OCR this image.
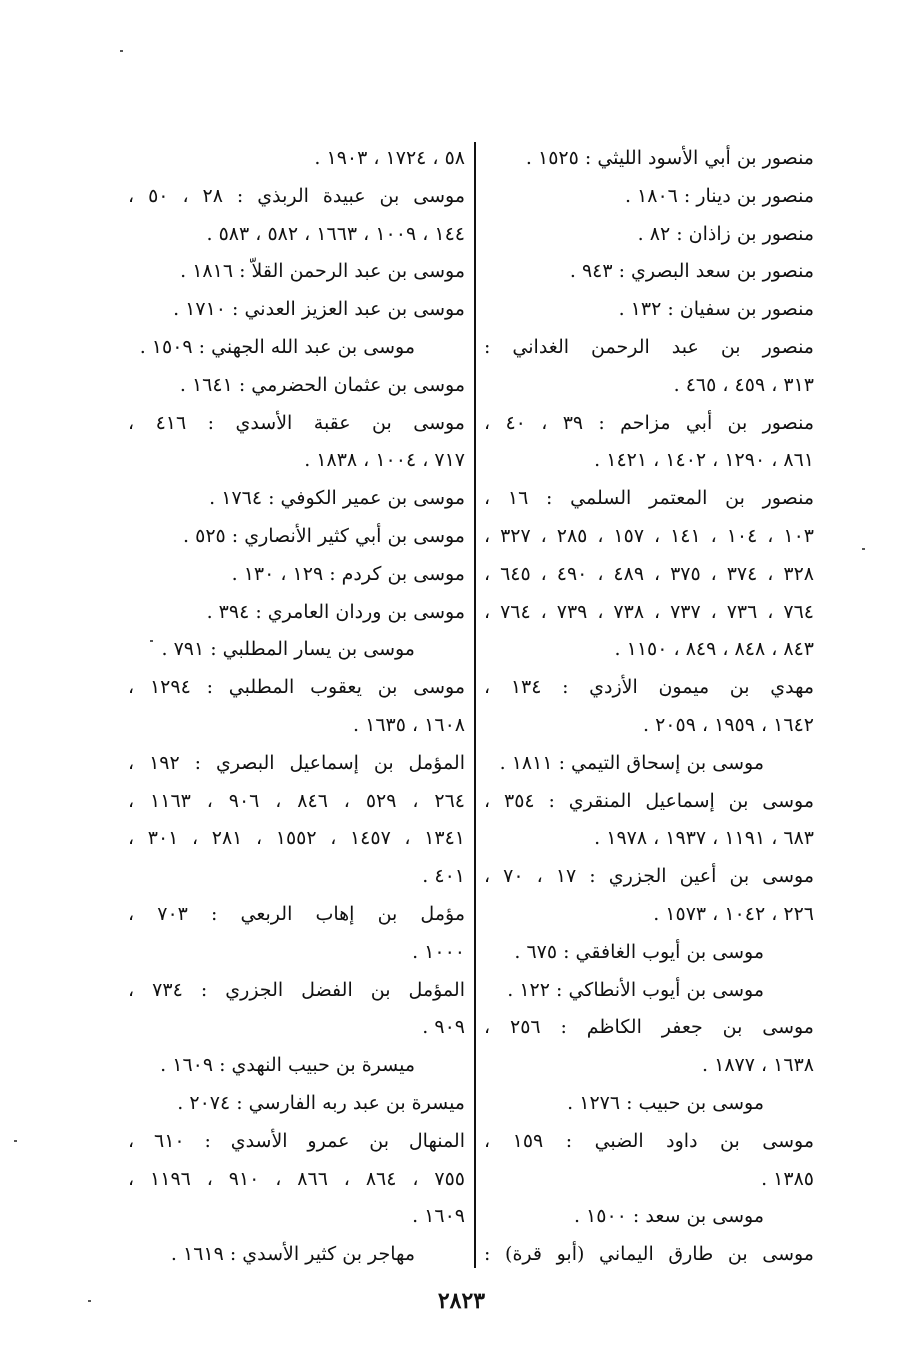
منصور بن أبي الأسود الليثي : ١٥٢٥ .
منصور بن دينار : ١٨٠٦ .
منصور بن زاذان : ٨٢ .
منصور بن سعد البصري : ٩٤٣ .
منصور بن سفيان : ١٣٢ .
منصور بن عبد الرحمن الغداني :
٣١٣ ، ٤٥٩ ، ٤٦٥ .
منصور بن أبي مزاحم : ٣٩ ، ٤٠ ،
٨٦١ ، ١٢٩٠ ، ١٤٠٢ ، ١٤٢١ .
منصور بن المعتمر السلمي : ١٦ ،
١٠٣ ، ١٠٤ ، ١٤١ ، ١٥٧ ، ٢٨٥ ، ٣٢٧ ،
٣٢٨ ، ٣٧٤ ، ٣٧٥ ، ٤٨٩ ، ٤٩٠ ، ٦٤٥ ،
٧٦٤ ، ٧٣٦ ، ٧٣٧ ، ٧٣٨ ، ٧٣٩ ، ٧٦٤ ،
٨٤٣ ، ٨٤٨ ، ٨٤٩ ، ١١٥٠ .
مهدي بن ميمون الأزدي : ١٣٤ ،
١٦٤٢ ، ١٩٥٩ ، ٢٠٥٩ .
موسى بن إسحاق التيمي : ١٨١١ .
موسى بن إسماعيل المنقري : ٣٥٤ ،
٦٨٣ ، ١١٩١ ، ١٩٣٧ ، ١٩٧٨ .
موسى بن أعين الجزري : ١٧ ، ٧٠ ،
٢٢٦ ، ١٠٤٢ ، ١٥٧٣ .
موسى بن أيوب الغافقي : ٦٧٥ .
موسى بن أيوب الأنطاكي : ١٢٢ .
موسى بن جعفر الكاظم : ٢٥٦ ،
١٦٣٨ ، ١٨٧٧ .
موسى بن حبيب : ١٢٧٦ .
موسى بن داود الضبي : ١٥٩ ،
١٣٨٥ .
موسى بن سعد : ١٥٠٠ .
موسى بن طارق اليماني (أبو قرة) :
٥٨ ، ١٧٢٤ ، ١٩٠٣ .
موسى بن عبيدة الربذي : ٢٨ ، ٥٠ ،
١٤٤ ، ١٠٠٩ ، ١٦٦٣ ، ٥٨٢ ، ٥٨٣ .
موسى بن عبد الرحمن القلاّ : ١٨١٦ .
موسى بن عبد العزيز العدني : ١٧١٠ .
موسى بن عبد الله الجهني : ١٥٠٩ .
موسى بن عثمان الحضرمي : ١٦٤١ .
موسى بن عقبة الأسدي : ٤١٦ ،
٧١٧ ، ١٠٠٤ ، ١٨٣٨ .
موسى بن عمير الكوفي : ١٧٦٤ .
موسى بن أبي كثير الأنصاري : ٥٢٥ .
موسى بن كردم : ١٢٩ ، ١٣٠ .
موسى بن وردان العامري : ٣٩٤ .
موسى بن يسار المطلبي : ٧٩١ .
موسى بن يعقوب المطلبي : ١٢٩٤ ،
١٦٠٨ ، ١٦٣٥ .
المؤمل بن إسماعيل البصري : ١٩٢ ،
٢٦٤ ، ٥٢٩ ، ٨٤٦ ، ٩٠٦ ، ١١٦٣ ،
١٣٤١ ، ١٤٥٧ ، ١٥٥٢ ، ٢٨١ ، ٣٠١ ،
٤٠١ .
مؤمل بن إهاب الربعي : ٧٠٣ ،
١٠٠٠ .
المؤمل بن الفضل الجزري : ٧٣٤ ،
٩٠٩ .
ميسرة بن حبيب النهدي : ١٦٠٩ .
ميسرة بن عبد ربه الفارسي : ٢٠٧٤ .
المنهال بن عمرو الأسدي : ٦١٠ ،
٧٥٥ ، ٨٦٤ ، ٨٦٦ ، ٩١٠ ، ١١٩٦ ،
١٦٠٩ .
مهاجر بن كثير الأسدي : ١٦١٩ .
٢٨٢٣
